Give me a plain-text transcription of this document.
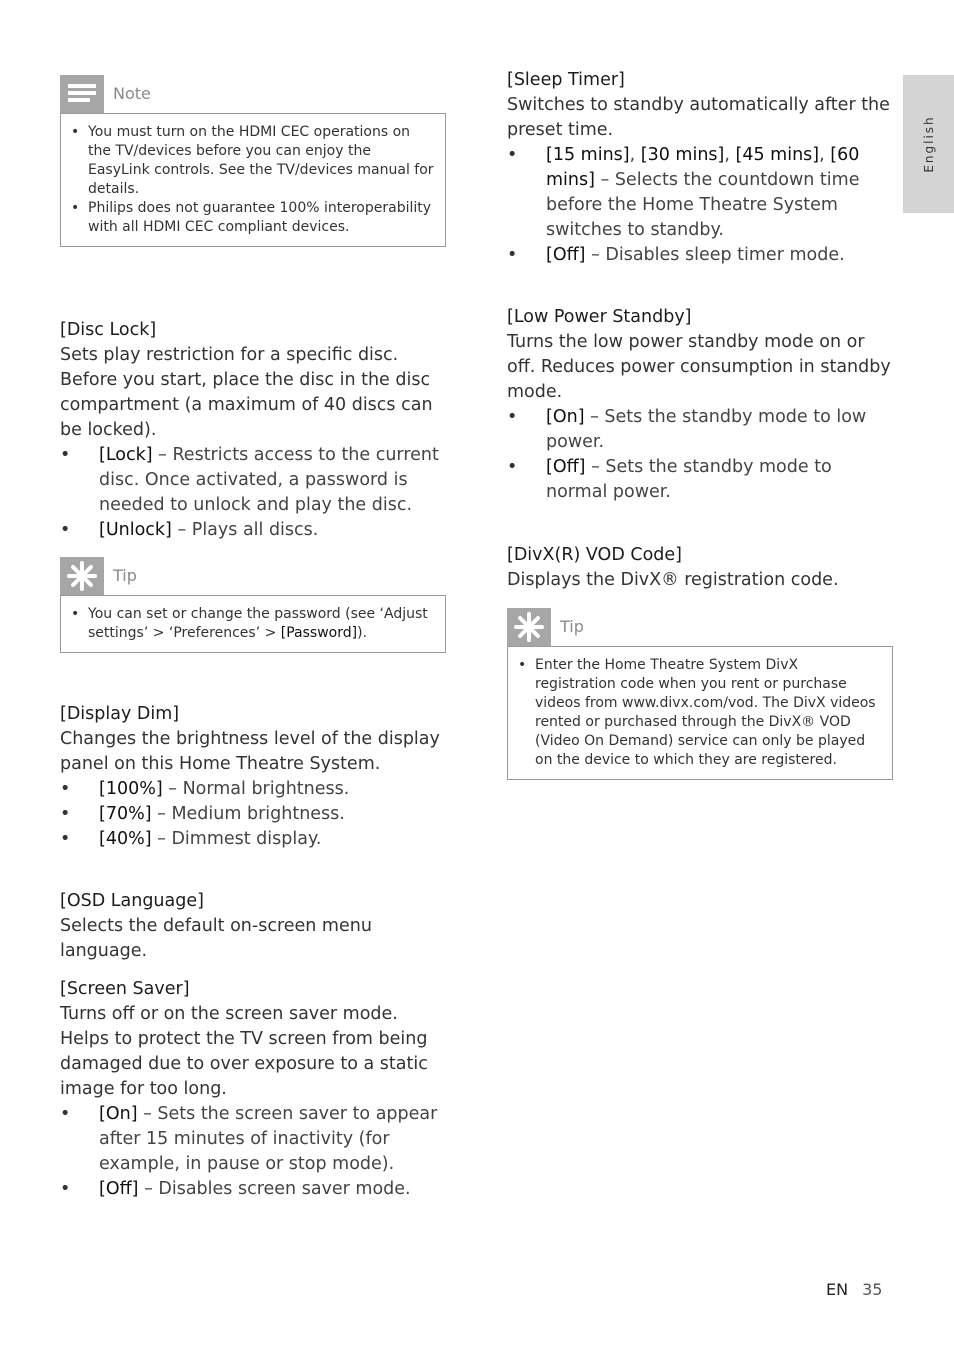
Note
• You must turn on the HDMI CEC operations on the TV/devices before you can enjoy the EasyLink controls. See the TV/devices manual for details.
• Philips does not guarantee 100% interoperability with all HDMI CEC compliant devices.
[Disc Lock]
Sets play restriction for a specific disc.
Before you start, place the disc in the disc compartment (a maximum of 40 discs can be locked).
• [Lock] – Restricts access to the current disc. Once activated, a password is needed to unlock and play the disc.
• [Unlock] – Plays all discs.
Tip
• You can set or change the password (see ‘Adjust settings’ > ‘Preferences’ > [Password]).
[Display Dim]
Changes the brightness level of the display panel on this Home Theatre System.
• [100%] – Normal brightness.
• [70%] – Medium brightness.
• [40%] – Dimmest display.
[OSD Language]
Selects the default on-screen menu language.
[Screen Saver]
Turns off or on the screen saver mode. Helps to protect the TV screen from being damaged due to over exposure to a static image for too long.
• [On] – Sets the screen saver to appear after 15 minutes of inactivity (for example, in pause or stop mode).
• [Off] – Disables screen saver mode.
[Sleep Timer]
Switches to standby automatically after the preset time.
• [15 mins], [30 mins], [45 mins], [60 mins] – Selects the countdown time before the Home Theatre System switches to standby.
• [Off] – Disables sleep timer mode.
[Low Power Standby]
Turns the low power standby mode on or off. Reduces power consumption in standby mode.
• [On] – Sets the standby mode to low power.
• [Off] – Sets the standby mode to normal power.
[DivX(R) VOD Code]
Displays the DivX® registration code.
Tip
• Enter the Home Theatre System DivX registration code when you rent or purchase videos from www.divx.com/vod. The DivX videos rented or purchased through the DivX® VOD (Video On Demand) service can only be played on the device to which they are registered.
English
EN 35
